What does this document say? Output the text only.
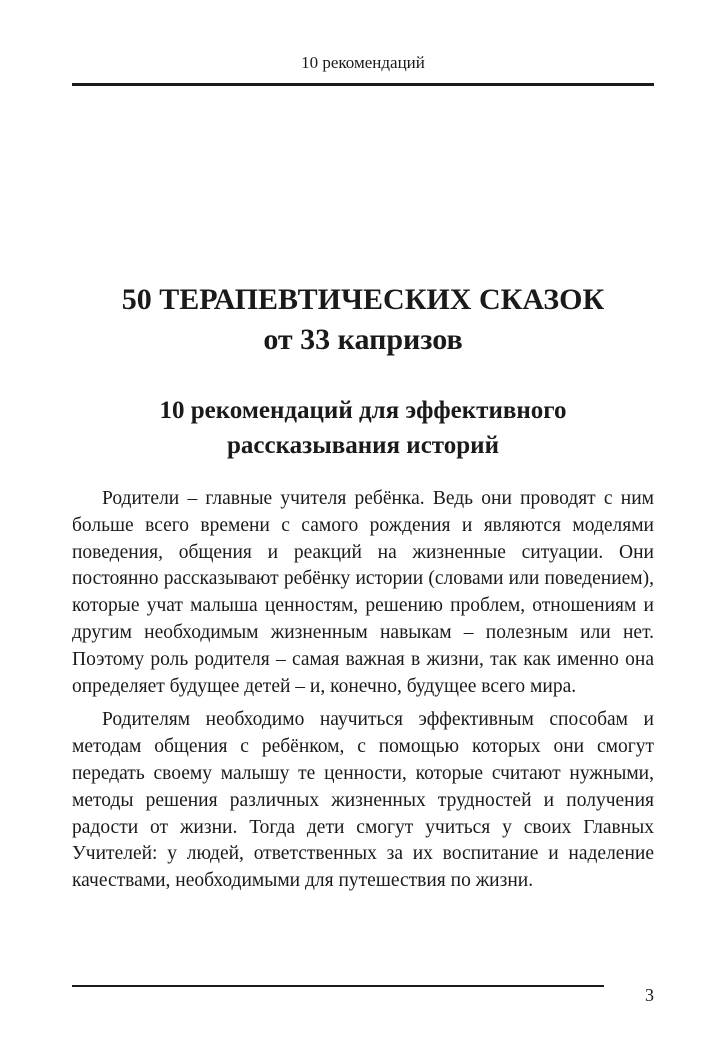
10 рекомендаций
50 ТЕРАПЕВТИЧЕСКИХ СКАЗОК
от 33 капризов
10 рекомендаций для эффективного
рассказывания историй

Родители – главные учителя ребёнка. Ведь они проводят с ним больше всего времени с самого рождения и являются моделями поведения, общения и реакций на жизненные ситуации. Они постоянно рассказывают ребёнку истории (словами или поведением), которые учат малыша ценностям, решению проблем, отношениям и другим необходимым жизненным навыкам – полезным или нет. Поэтому роль родителя – самая важная в жизни, так как именно она определяет будущее детей – и, конечно, будущее всего мира.

Родителям необходимо научиться эффективным способам и методам общения с ребёнком, с помощью которых они смогут передать своему малышу те ценности, которые считают нужными, методы решения различных жизненных трудностей и получения радости от жизни. Тогда дети смогут учиться у своих Главных Учителей: у людей, ответственных за их воспитание и наделение качествами, необходимыми для путешествия по жизни.

3
